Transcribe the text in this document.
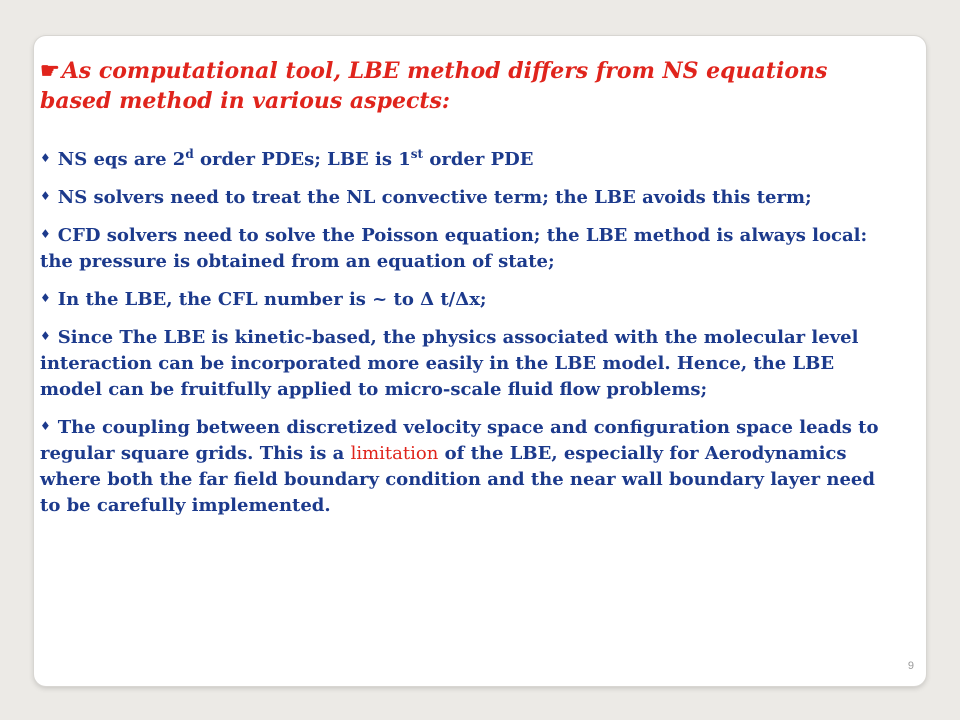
☛As computational tool, LBE method differs from NS equations based method in various aspects:

♦ NS eqs are 2$^d$ order PDEs; LBE is 1st order PDE
♦ NS solvers need to treat the NL convective term; the LBE avoids this term;
♦ CFD solvers need to solve the Poisson equation; the LBE method is always local: the pressure is obtained from an equation of state;
♦ In the LBE, the CFL number is ~ to Δ t/Δx;
♦ Since The LBE is kinetic-based, the physics associated with the molecular level interaction can be incorporated more easily in the LBE model. Hence, the LBE model can be fruitfully applied to micro-scale fluid flow problems;
♦ The coupling between discretized velocity space and configuration space leads to regular square grids. This is a limitation of the LBE, especially for Aerodynamics where both the far field boundary condition and the near wall boundary layer need to be carefully implemented.
9
